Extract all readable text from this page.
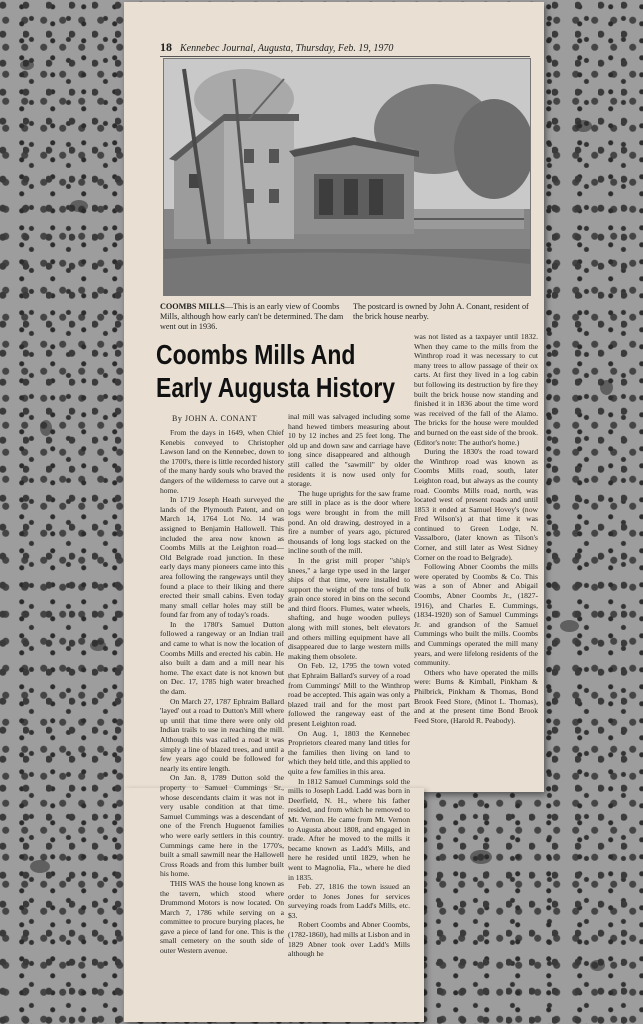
18 Kennebec Journal, Augusta, Thursday, Feb. 19, 1970
COOMBS MILLS—This is an early view of Coombs Mills, although how early can't be determined. The dam went out in 1936.
The postcard is owned by John A. Conant, resident of the brick house nearby.
Coombs Mills And
Early Augusta History
By JOHN A. CONANT

From the days in 1649, when Chief Kenebis conveyed to Christopher Lawson land on the Kennebec, down to the 1700's, there is little recorded history of the many hardy souls who braved the dangers of the wilderness to carve out a home.

In 1719 Joseph Heath surveyed the lands of the Plymouth Patent, and on March 14, 1764 Lot No. 14 was assigned to Benjamin Hallowell. This included the area now known as Coombs Mills at the Leighton road—Old Belgrade road junction. In these early days many pioneers came into this area following the rangeways until they found a place to their liking and there erected their small cabins. Even today many small cellar holes may still be found far from any of today's roads.

In the 1780's Samuel Dutton followed a rangeway or an Indian trail and came to what is now the location of Coombs Mills and erected his cabin. He also built a dam and a mill near his home. The exact date is not known but on Dec. 17, 1785 high water breached the dam.

On March 27, 1787 Ephraim Ballard 'layed' out a road to Dutton's Mill where up until that time there were only old Indian trails to use in reaching the mill. Although this was called a road it was simply a line of blazed trees, and until a few years ago could be followed for nearly its entire length.

On Jan. 8, 1789 Dutton sold the property to Samuel Cummings Sr., whose descendants claim it was not in very usable condition at that time. Samuel Cummings was a descendant of one of the French Huguenot families who were early settlers in this country. Cummings came here in the 1770's, built a small sawmill near the Hallowell Cross Roads and from this lumber built his home.

THIS WAS the house long known as the tavern, which stood where Drummond Motors is now located. On March 7, 1786 while serving on a committee to procure burying places, he gave a piece of land for one. This is the small cemetery on the south side of outer Western avenue.

inal mill was salvaged including some hand hewed timbers measuring about 10 by 12 inches and 25 feet long. The old up and down saw and carriage have long since disappeared and although still called the "sawmill" by older residents it is now used only for storage.

The huge uprights for the saw frame are still in place as is the door where logs were brought in from the mill pond. An old drawing, destroyed in a fire a number of years ago, pictured thousands of long logs stacked on the incline south of the mill.

In the grist mill proper "ship's knees," a large type used in the larger ships of that time, were installed to support the weight of the tons of bulk grain once stored in bins on the second and third floors. Flumes, water wheels, shafting, and huge wooden pulleys along with mill stones, belt elevators and others milling equipment have all disappeared due to large western mills making them obsolete.

On Feb. 12, 1795 the town voted that Ephraim Ballard's survey of a road from Cummings' Mill to the Winthrop road be accepted. This again was only a blazed trail and for the most part followed the rangeway east of the present Leighton road.

On Aug. 1, 1803 the Kennebec Proprietors cleared many land titles for the families then living on land to which they held title, and this applied to quite a few families in this area.

In 1812 Samuel Cummings sold the mills to Joseph Ladd. Ladd was born in Deerfield, N. H., where his father resided, and from which he removed to Mt. Vernon. He came from Mt. Vernon to Augusta about 1808, and engaged in trade. After he moved to the mills it became known as Ladd's Mills, and here he resided until 1829, when he went to Magnolia, Fla., where he died in 1835.

Feb. 27, 1816 the town issued an order to Jones Jones for services surveying roads from Ladd's Mills, etc. $3.

Robert Coombs and Abner Coombs, (1782-1860), had mills at Lisbon and in 1829 Abner took over Ladd's Mills although he

was not listed as a taxpayer until 1832. When they came to the mills from the Winthrop road it was necessary to cut many trees to allow passage of their ox carts. At first they lived in a log cabin but following its destruction by fire they built the brick house now standing and finished it in 1836 about the time word was received of the fall of the Alamo. The bricks for the house were moulded and burned on the east side of the brook. (Editor's note: The author's home.)

During the 1830's the road toward the Winthrop road was known as Coombs Mills road, south, later Leighton road, but always as the county road. Coombs Mills road, north, was located west of present roads and until 1853 it ended at Samuel Hovey's (now Fred Wilson's) at that time it was continued to Green Lodge, N. Vassalboro, (later known as Tilson's Corner, and still later as West Sidney Corner on the road to Belgrade).

Following Abner Coombs the mills were operated by Coombs & Co. This was a son of Abner and Abigail Coombs, Abner Coombs Jr., (1827-1916), and Charles E. Cummings, (1834-1920) son of Samuel Cummings Jr. and grandson of the Samuel Cummings who built the mills. Coombs and Cummings operated the mill many years, and were lifelong residents of the community.

Others who have operated the mills were: Burns & Kimball, Pinkham & Philbrick, Pinkham & Thomas, Bond Brook Feed Store, (Minot L. Thomas), and at the present time Bond Brook Feed Store, (Harold R. Peabody).
